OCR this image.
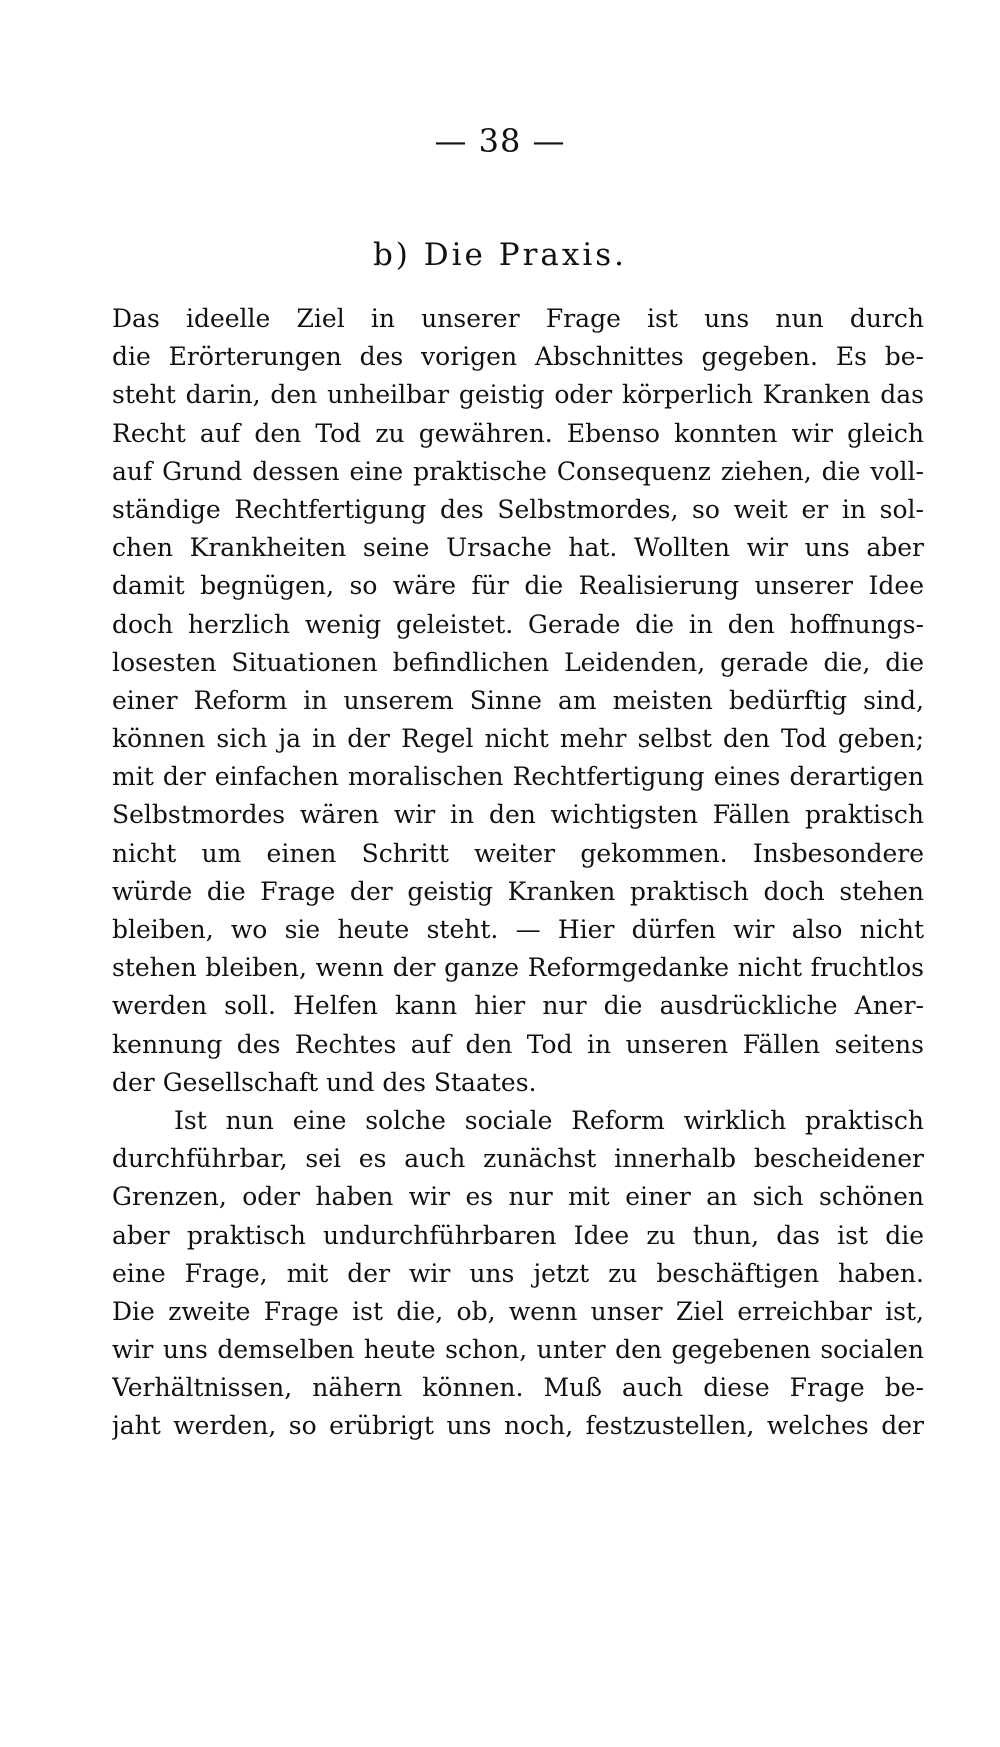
— 38 —
b) Die Praxis.
Das ideelle Ziel in unserer Frage ist uns nun durch
die Erörterungen des vorigen Abschnittes gegeben. Es be-
steht darin, den unheilbar geistig oder körperlich Kranken das
Recht auf den Tod zu gewähren. Ebenso konnten wir gleich
auf Grund dessen eine praktische Consequenz ziehen, die voll-
ständige Rechtfertigung des Selbstmordes, so weit er in sol-
chen Krankheiten seine Ursache hat. Wollten wir uns aber
damit begnügen, so wäre für die Realisierung unserer Idee
doch herzlich wenig geleistet. Gerade die in den hoffnungs-
losesten Situationen befindlichen Leidenden, gerade die, die
einer Reform in unserem Sinne am meisten bedürftig sind,
können sich ja in der Regel nicht mehr selbst den Tod geben;
mit der einfachen moralischen Rechtfertigung eines derartigen
Selbstmordes wären wir in den wichtigsten Fällen praktisch
nicht um einen Schritt weiter gekommen. Insbesondere
würde die Frage der geistig Kranken praktisch doch stehen
bleiben, wo sie heute steht. — Hier dürfen wir also nicht
stehen bleiben, wenn der ganze Reformgedanke nicht fruchtlos
werden soll. Helfen kann hier nur die ausdrückliche Aner-
kennung des Rechtes auf den Tod in unseren Fällen seitens
der Gesellschaft und des Staates.
Ist nun eine solche sociale Reform wirklich praktisch
durchführbar, sei es auch zunächst innerhalb bescheidener
Grenzen, oder haben wir es nur mit einer an sich schönen
aber praktisch undurchführbaren Idee zu thun, das ist die
eine Frage, mit der wir uns jetzt zu beschäftigen haben.
Die zweite Frage ist die, ob, wenn unser Ziel erreichbar ist,
wir uns demselben heute schon, unter den gegebenen socialen
Verhältnissen, nähern können. Muß auch diese Frage be-
jaht werden, so erübrigt uns noch, festzustellen, welches der
